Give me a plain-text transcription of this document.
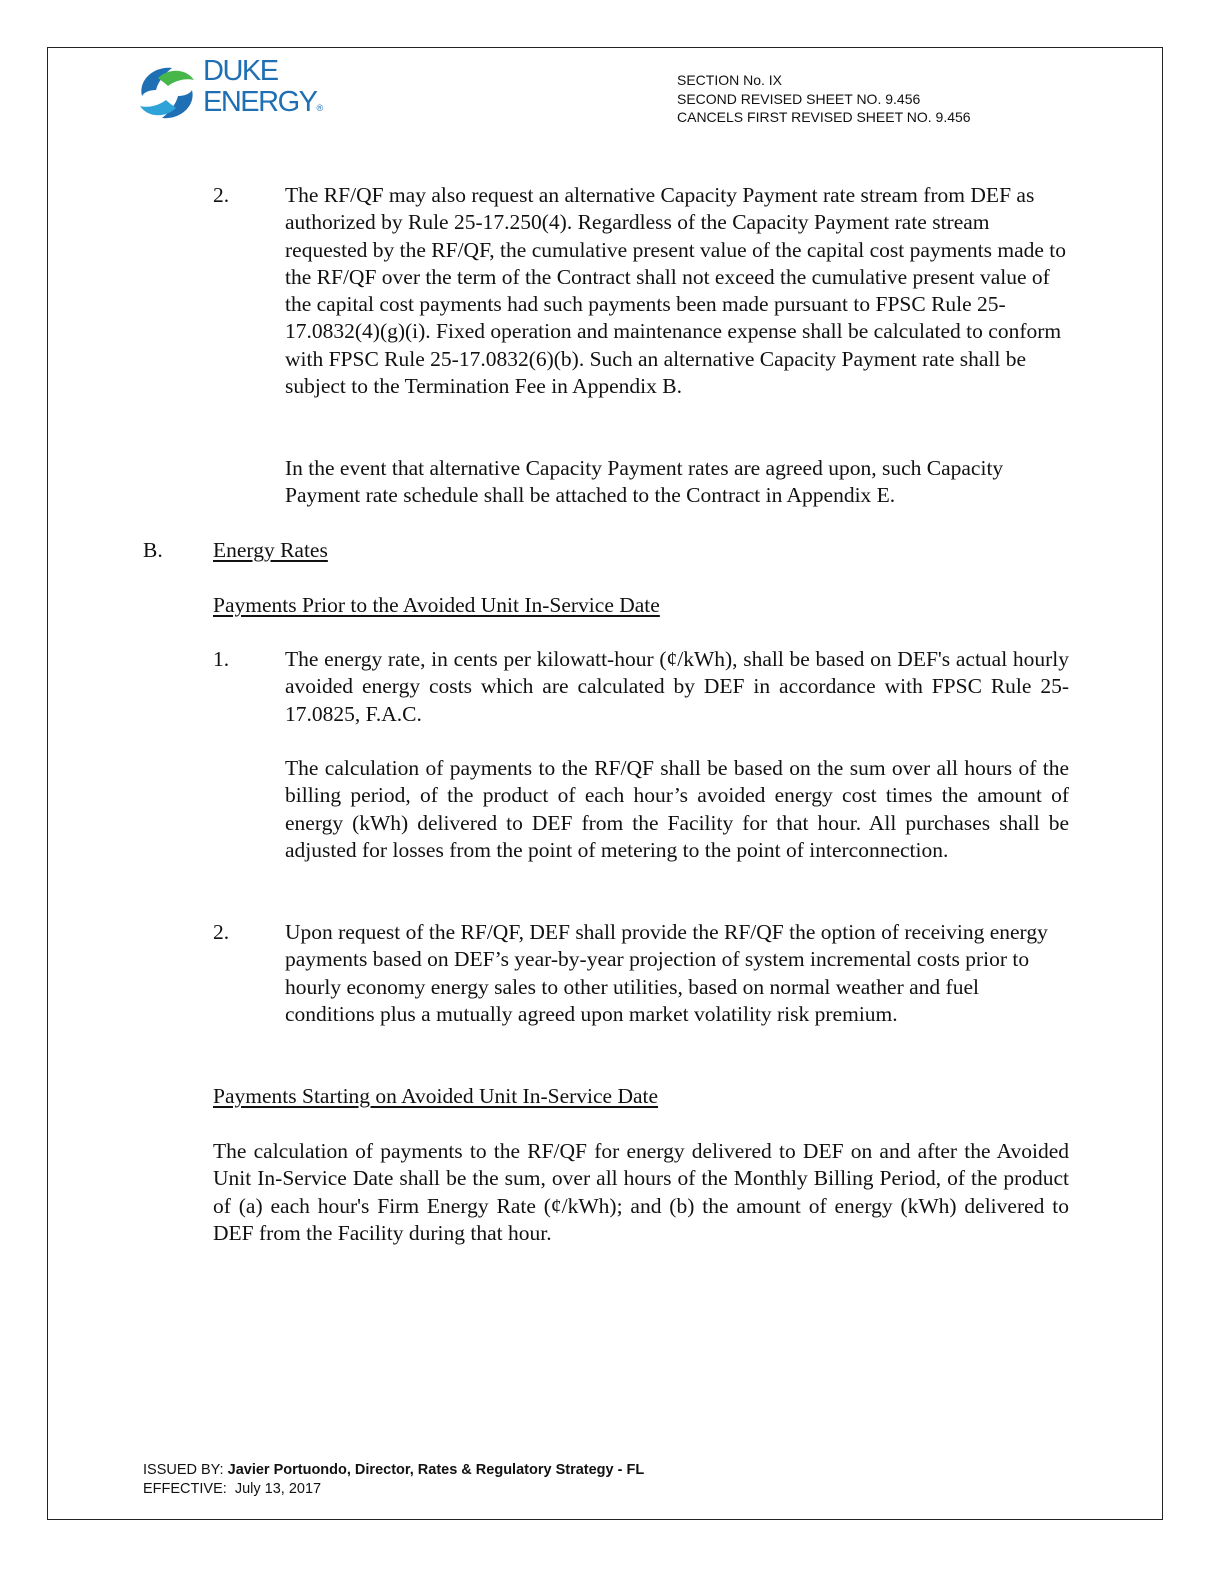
DUKE
ENERGY®
SECTION No. IX
SECOND REVISED SHEET NO. 9.456
CANCELS FIRST REVISED SHEET NO. 9.456
2.	The RF/QF may also request an alternative Capacity Payment rate stream from DEF as authorized by Rule 25-17.250(4). Regardless of the Capacity Payment rate stream requested by the RF/QF, the cumulative present value of the capital cost payments made to the RF/QF over the term of the Contract shall not exceed the cumulative present value of the capital cost payments had such payments been made pursuant to FPSC Rule 25-17.0832(4)(g)(i). Fixed operation and maintenance expense shall be calculated to conform with FPSC Rule 25-17.0832(6)(b). Such an alternative Capacity Payment rate shall be subject to the Termination Fee in Appendix B.
In the event that alternative Capacity Payment rates are agreed upon, such Capacity Payment rate schedule shall be attached to the Contract in Appendix E.
B. Energy Rates
Payments Prior to the Avoided Unit In-Service Date
1.	The energy rate, in cents per kilowatt-hour (¢/kWh), shall be based on DEF's actual hourly avoided energy costs which are calculated by DEF in accordance with FPSC Rule 25-17.0825, F.A.C.
The calculation of payments to the RF/QF shall be based on the sum over all hours of the billing period, of the product of each hour’s avoided energy cost times the amount of energy (kWh) delivered to DEF from the Facility for that hour. All purchases shall be adjusted for losses from the point of metering to the point of interconnection.
2.	Upon request of the RF/QF, DEF shall provide the RF/QF the option of receiving energy payments based on DEF’s year-by-year projection of system incremental costs prior to hourly economy energy sales to other utilities, based on normal weather and fuel conditions plus a mutually agreed upon market volatility risk premium.
Payments Starting on Avoided Unit In-Service Date
The calculation of payments to the RF/QF for energy delivered to DEF on and after the Avoided Unit In-Service Date shall be the sum, over all hours of the Monthly Billing Period, of the product of (a) each hour's Firm Energy Rate (¢/kWh); and (b) the amount of energy (kWh) delivered to DEF from the Facility during that hour.
ISSUED BY: Javier Portuondo, Director, Rates & Regulatory Strategy - FL
EFFECTIVE:  July 13, 2017
